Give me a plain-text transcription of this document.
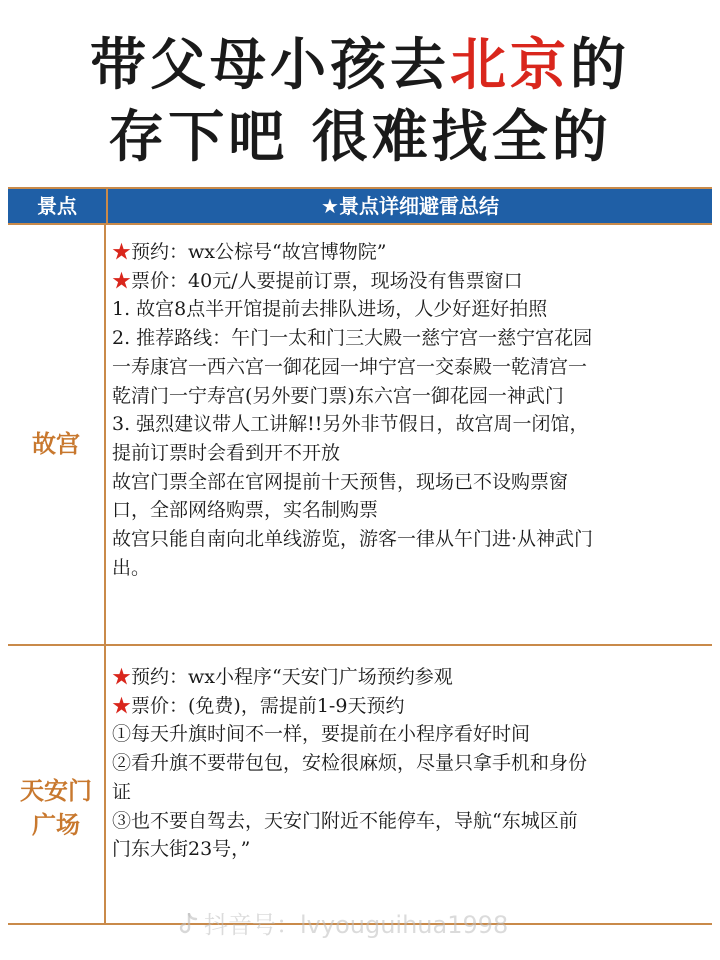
带父母小孩去北京的
存下吧 很难找全的
景点	★景点详细避雷总结
故宫
★预约：wx公棕号“故宫博物院”
★票价：40元/人要提前订票，现场没有售票窗口
1. 故宫8点半开馆提前去排队进场，人少好逛好拍照
2. 推荐路线：午门一太和门三大殿一慈宁宫一慈宁宫花园
一寿康宫一西六宫一御花园一坤宁宫一交泰殿一乾清宫一
乾清门一宁寿宫(另外要门票)东六宫一御花园一神武门
3. 强烈建议带人工讲解!!另外非节假日，故宫周一闭馆，
提前订票时会看到开不开放
故宫门票全部在官网提前十天预售，现场已不设购票窗
口，全部网络购票，实名制购票
故宫只能自南向北单线游览，游客一律从午门进·从神武门
出。
天安门
广场
★预约：wx小程序“天安门广场预约参观
★票价：(免费)，需提前1-9天预约
①每天升旗时间不一样，要提前在小程序看好时间
②看升旗不要带包包，安检很麻烦，尽量只拿手机和身份
证
③也不要自驾去，天安门附近不能停车，导航“东城区前
门东大街23号，”
抖音号：lvyouguihua1998
